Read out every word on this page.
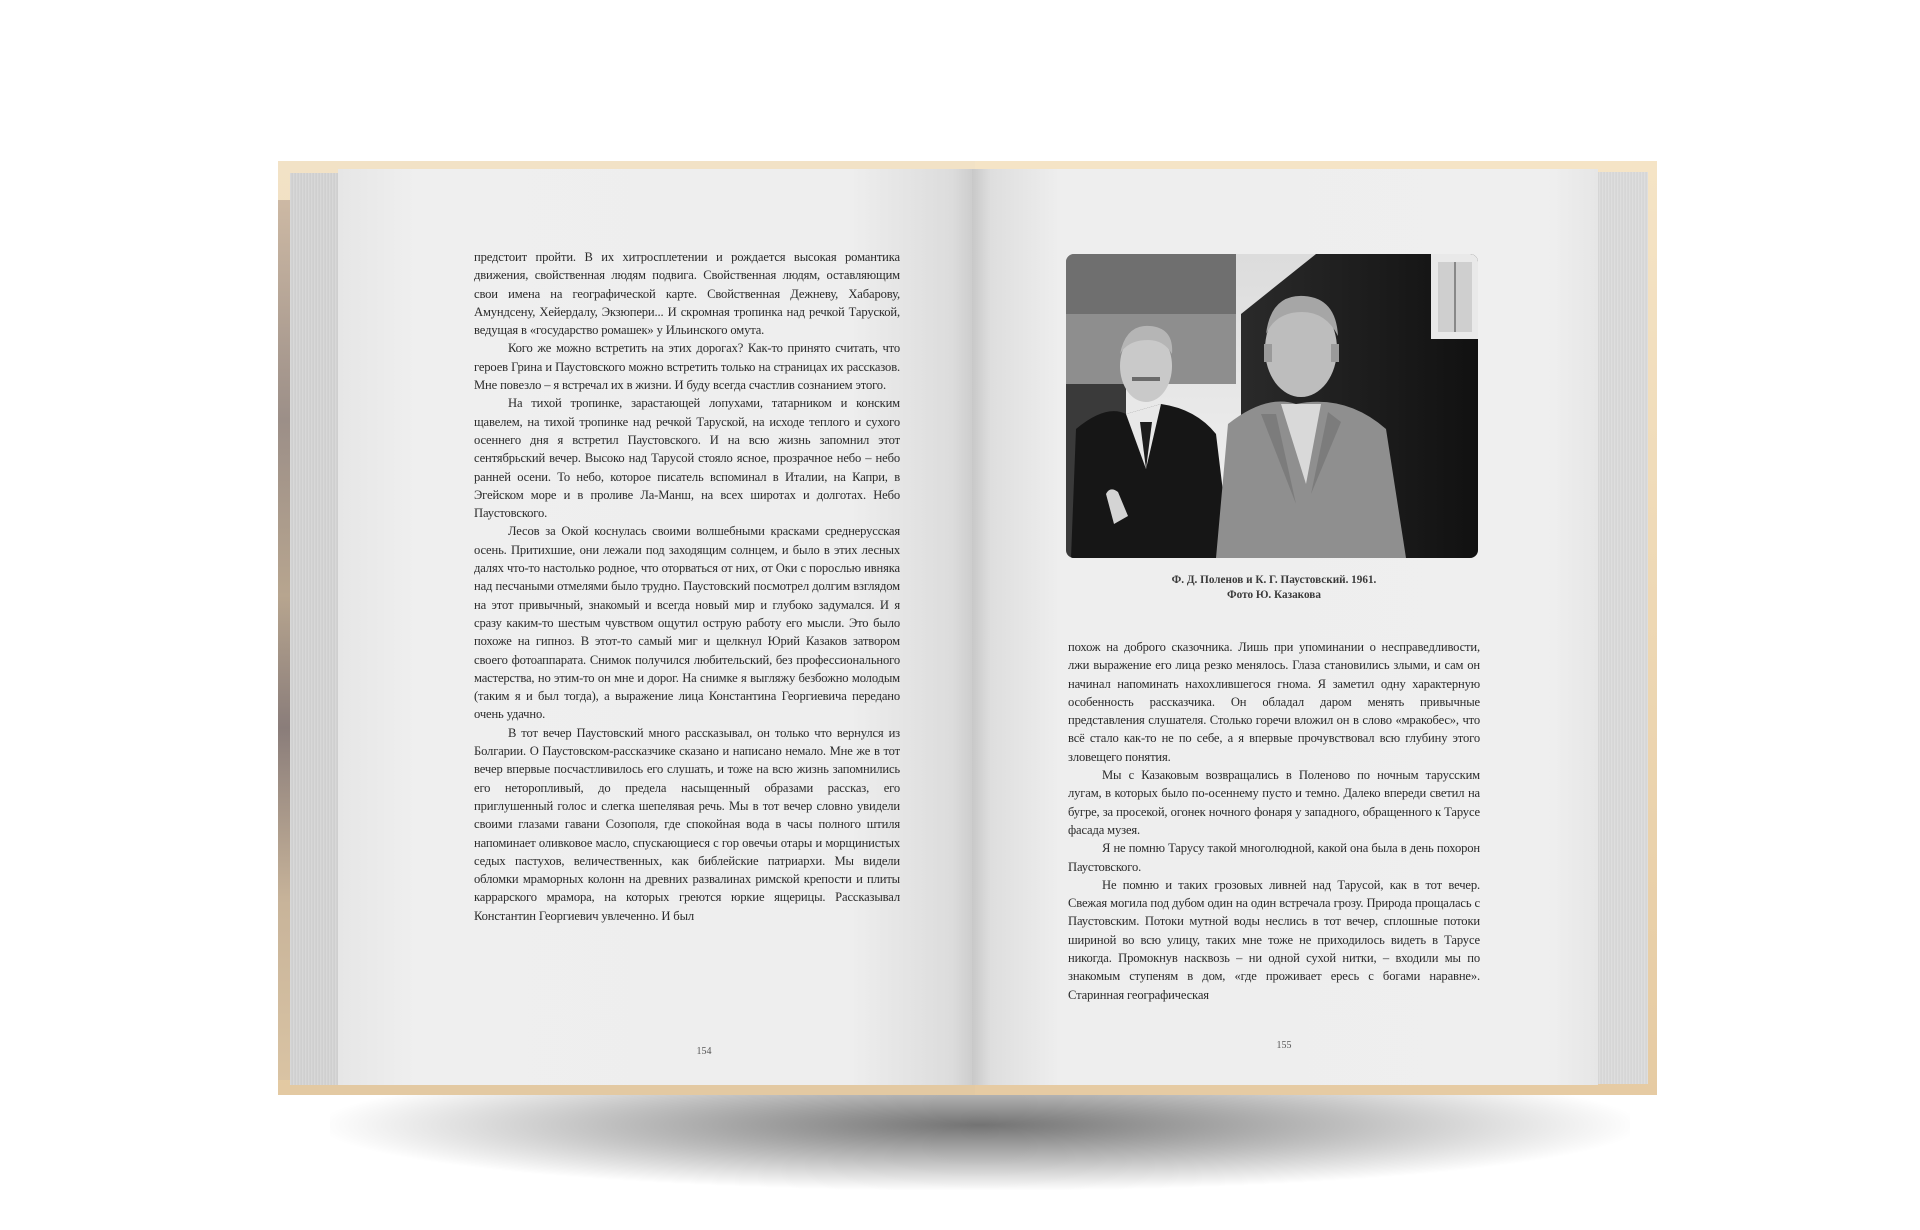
предстоит пройти. В их хитросплетении и рождается высокая романтика движения, свойственная людям подвига. Свойственная людям, оставляющим свои имена на географической карте. Свойственная Дежневу, Хабарову, Амундсену, Хейердалу, Экзюпери... И скромная тропинка над речкой Таруской, ведущая в «государство ромашек» у Ильинского омута.

Кого же можно встретить на этих дорогах? Как-то принято считать, что героев Грина и Паустовского можно встретить только на страницах их рассказов. Мне повезло – я встречал их в жизни. И буду всегда счастлив сознанием этого.

На тихой тропинке, зарастающей лопухами, татарником и конским щавелем, на тихой тропинке над речкой Таруской, на исходе теплого и сухого осеннего дня я встретил Паустовского. И на всю жизнь запомнил этот сентябрьский вечер. Высоко над Тарусой стояло ясное, прозрачное небо – небо ранней осени. То небо, которое писатель вспоминал в Италии, на Капри, в Эгейском море и в проливе Ла-Манш, на всех широтах и долготах. Небо Паустовского.

Лесов за Окой коснулась своими волшебными красками среднерусская осень. Притихшие, они лежали под заходящим солнцем, и было в этих лесных далях что-то настолько родное, что оторваться от них, от Оки с порослью ивняка над песчаными отмелями было трудно. Паустовский посмотрел долгим взглядом на этот привычный, знакомый и всегда новый мир и глубоко задумался. И я сразу каким-то шестым чувством ощутил острую работу его мысли. Это было похоже на гипноз. В этот-то самый миг и щелкнул Юрий Казаков затвором своего фотоаппарата. Снимок получился любительский, без профессионального мастерства, но этим-то он мне и дорог. На снимке я выгляжу безбожно молодым (таким я и был тогда), а выражение лица Константина Георгиевича передано очень удачно.

В тот вечер Паустовский много рассказывал, он только что вернулся из Болгарии. О Паустовском-рассказчике сказано и написано немало. Мне же в тот вечер впервые посчастливилось его слушать, и тоже на всю жизнь запомнились его неторопливый, до предела насыщенный образами рассказ, его приглушенный голос и слегка шепелявая речь. Мы в тот вечер словно увидели своими глазами гавани Созополя, где спокойная вода в часы полного штиля напоминает оливковое масло, спускающиеся с гор овечьи отары и морщинистых седых пастухов, величественных, как библейские патриархи. Мы видели обломки мраморных колонн на древних развалинах римской крепости и плиты каррарского мрамора, на которых греются юркие ящерицы. Рассказывал Константин Георгиевич увлеченно. И был

154
Ф. Д. Поленов и К. Г. Паустовский. 1961.
Фото Ю. Казакова

похож на доброго сказочника. Лишь при упоминании о несправедливости, лжи выражение его лица резко менялось. Глаза становились злыми, и сам он начинал напоминать нахохлившегося гнома. Я заметил одну характерную особенность рассказчика. Он обладал даром менять привычные представления слушателя. Столько горечи вложил он в слово «мракобес», что всё стало как-то не по себе, а я впервые прочувствовал всю глубину этого зловещего понятия.

Мы с Казаковым возвращались в Поленово по ночным тарусским лугам, в которых было по-осеннему пусто и темно. Далеко впереди светил на бугре, за просекой, огонек ночного фонаря у западного, обращенного к Тарусе фасада музея.

Я не помню Тарусу такой многолюдной, какой она была в день похорон Паустовского.

Не помню и таких грозовых ливней над Тарусой, как в тот вечер. Свежая могила под дубом один на один встречала грозу. Природа прощалась с Паустовским. Потоки мутной воды неслись в тот вечер, сплошные потоки шириной во всю улицу, таких мне тоже не приходилось видеть в Тарусе никогда. Промокнув насквозь – ни одной сухой нитки, – входили мы по знакомым ступеням в дом, «где проживает ересь с богами наравне». Старинная географическая

155
